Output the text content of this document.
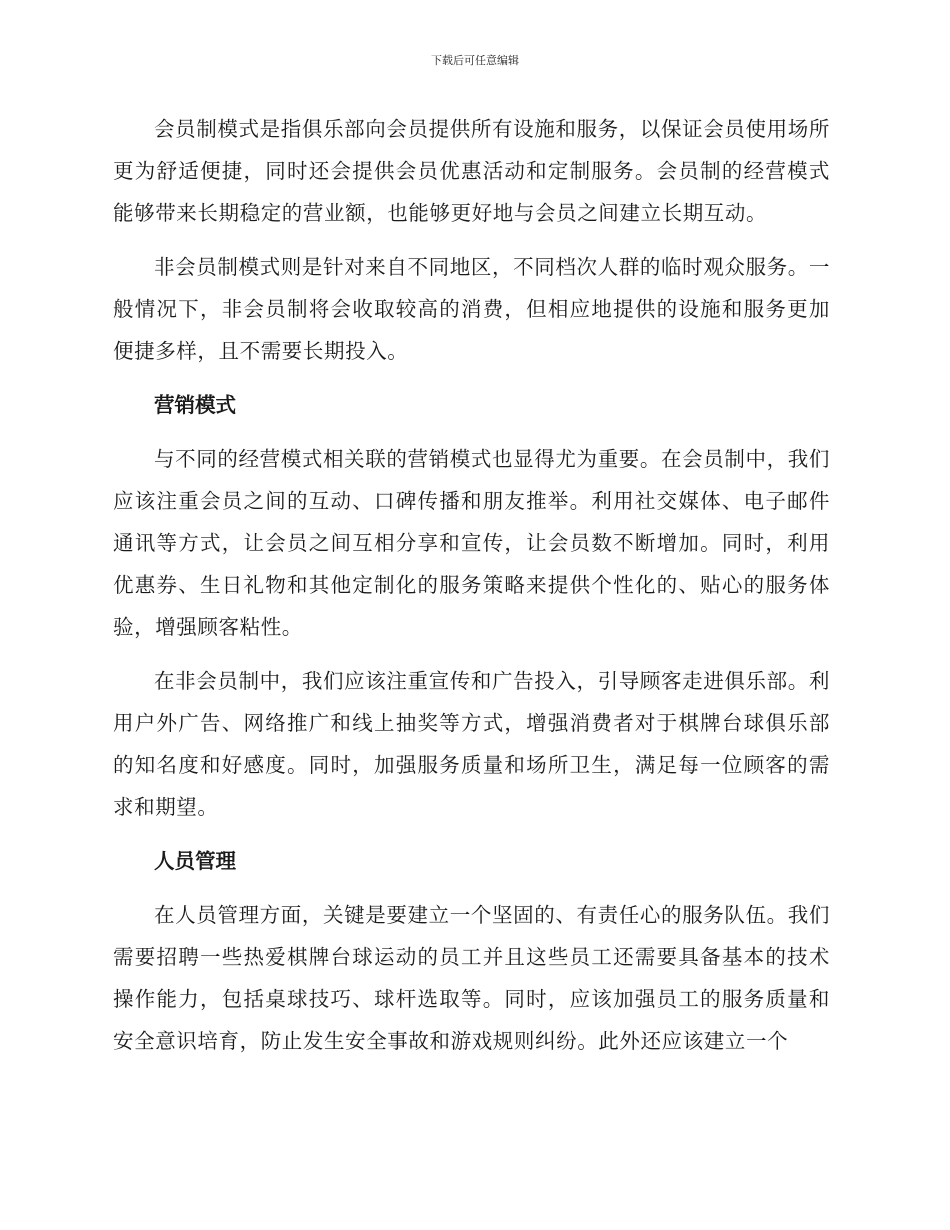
下载后可任意编辑

会员制模式是指俱乐部向会员提供所有设施和服务，以保证会员使用场所更为舒适便捷，同时还会提供会员优惠活动和定制服务。会员制的经营模式能够带来长期稳定的营业额，也能够更好地与会员之间建立长期互动。

非会员制模式则是针对来自不同地区，不同档次人群的临时观众服务。一般情况下，非会员制将会收取较高的消费，但相应地提供的设施和服务更加便捷多样，且不需要长期投入。

营销模式

与不同的经营模式相关联的营销模式也显得尤为重要。在会员制中，我们应该注重会员之间的互动、口碑传播和朋友推举。利用社交媒体、电子邮件通讯等方式，让会员之间互相分享和宣传，让会员数不断增加。同时，利用优惠券、生日礼物和其他定制化的服务策略来提供个性化的、贴心的服务体验，增强顾客粘性。

在非会员制中，我们应该注重宣传和广告投入，引导顾客走进俱乐部。利用户外广告、网络推广和线上抽奖等方式，增强消费者对于棋牌台球俱乐部的知名度和好感度。同时，加强服务质量和场所卫生，满足每一位顾客的需求和期望。

人员管理

在人员管理方面，关键是要建立一个坚固的、有责任心的服务队伍。我们需要招聘一些热爱棋牌台球运动的员工并且这些员工还需要具备基本的技术操作能力，包括桌球技巧、球杆选取等。同时，应该加强员工的服务质量和安全意识培育，防止发生安全事故和游戏规则纠纷。此外还应该建立一个
